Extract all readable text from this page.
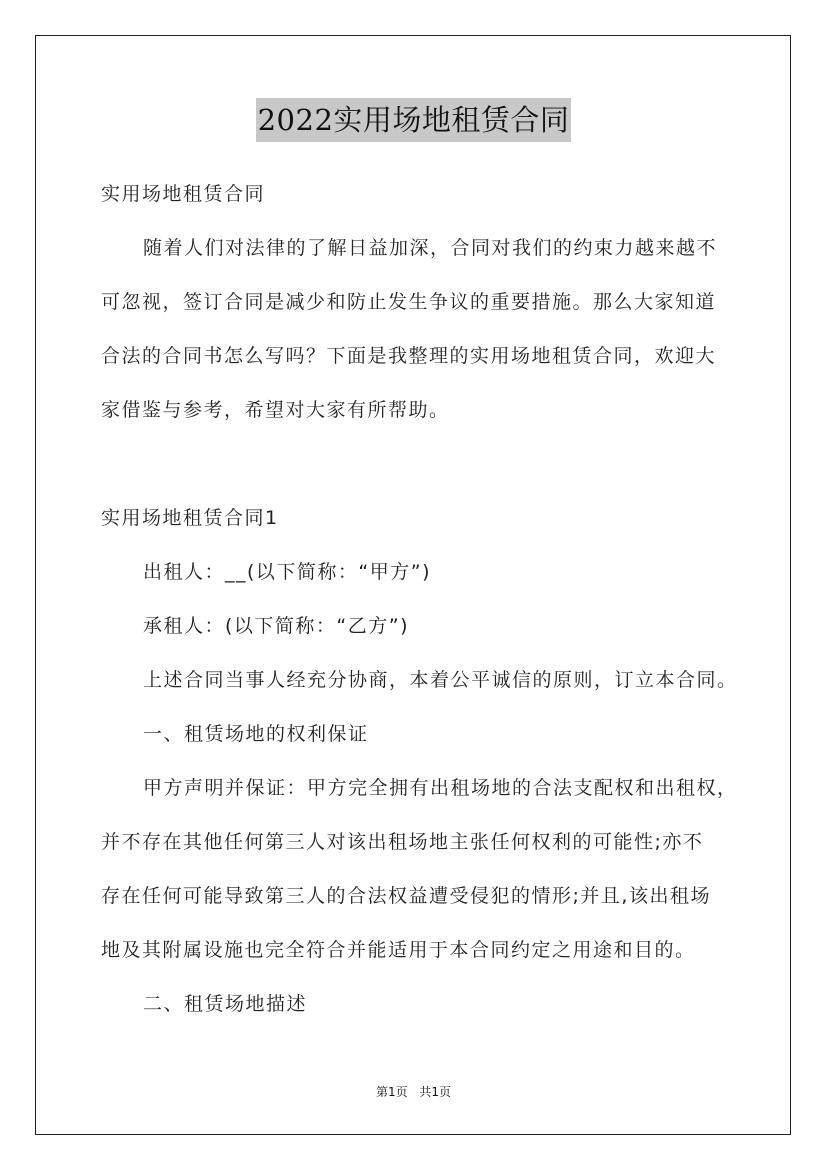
2022实用场地租赁合同
实用场地租赁合同
随着人们对法律的了解日益加深，合同对我们的约束力越来越不
可忽视，签订合同是减少和防止发生争议的重要措施。那么大家知道
合法的合同书怎么写吗？下面是我整理的实用场地租赁合同，欢迎大
家借鉴与参考，希望对大家有所帮助。
实用场地租赁合同1
出租人：__(以下简称：“甲方”)
承租人：(以下简称：“乙方”)
上述合同当事人经充分协商，本着公平诚信的原则，订立本合同。
一、租赁场地的权利保证
甲方声明并保证：甲方完全拥有出租场地的合法支配权和出租权，
并不存在其他任何第三人对该出租场地主张任何权利的可能性;亦不
存在任何可能导致第三人的合法权益遭受侵犯的情形;并且,该出租场
地及其附属设施也完全符合并能适用于本合同约定之用途和目的。
二、租赁场地描述
第1页 共1页
